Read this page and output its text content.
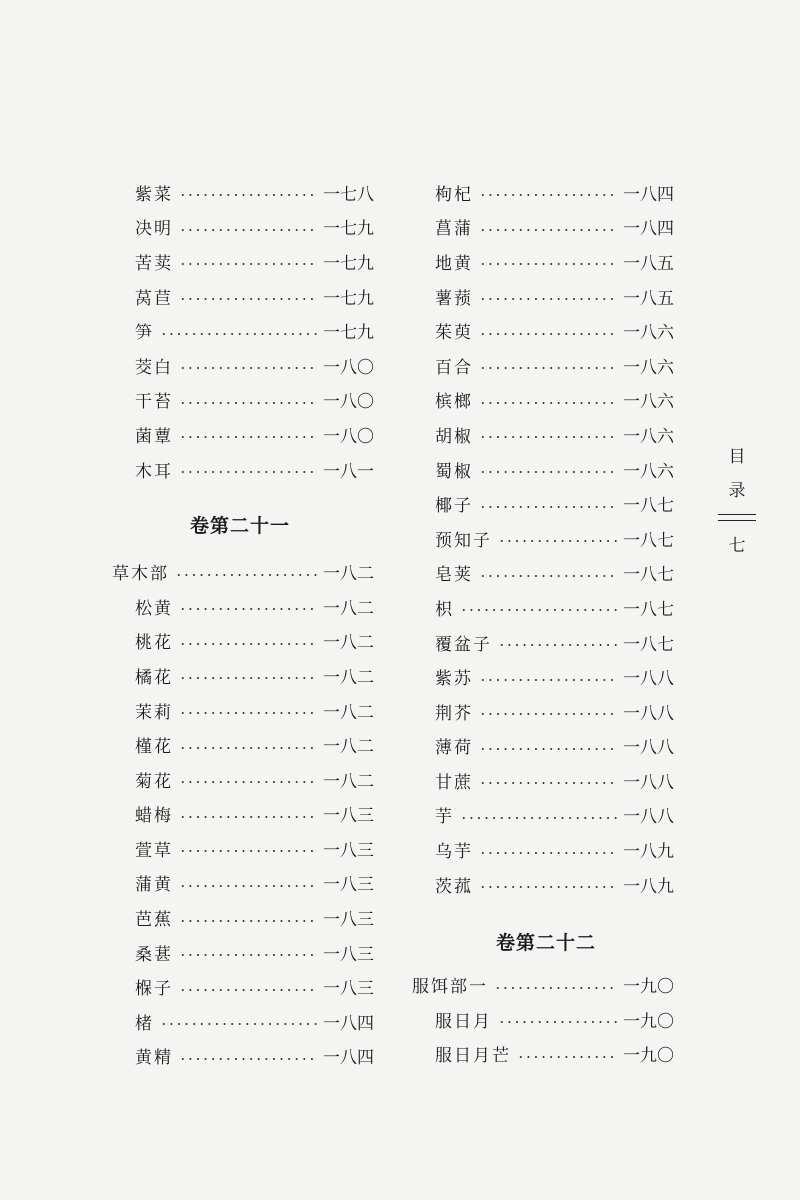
紫菜	一七八
决明	一七九
苦荬	一七九
莴苣	一七九
笋	一七九
茭白	一八〇
干苔	一八〇
菌蕈	一八〇
木耳	一八一
卷第二十一
草木部	一八二
松黄	一八二
桃花	一八二
橘花	一八二
茉莉	一八二
槿花	一八二
菊花	一八二
蜡梅	一八三
萱草	一八三
蒲黄	一八三
芭蕉	一八三
桑葚	一八三
椺子	一八三
楮	一八四
黄精	一八四
枸杞	一八四
菖蒲	一八四
地黄	一八五
薯蓣	一八五
茱萸	一八六
百合	一八六
槟榔	一八六
胡椒	一八六
蜀椒	一八六
椰子	一八七
预知子	一八七
皂荚	一八七
枳	一八七
覆盆子	一八七
紫苏	一八八
荆芥	一八八
薄荷	一八八
甘蔗	一八八
芋	一八八
乌芋	一八九
茨菰	一八九
卷第二十二
服饵部一	一九〇
服日月	一九〇
服日月芒	一九〇
目
录
七
